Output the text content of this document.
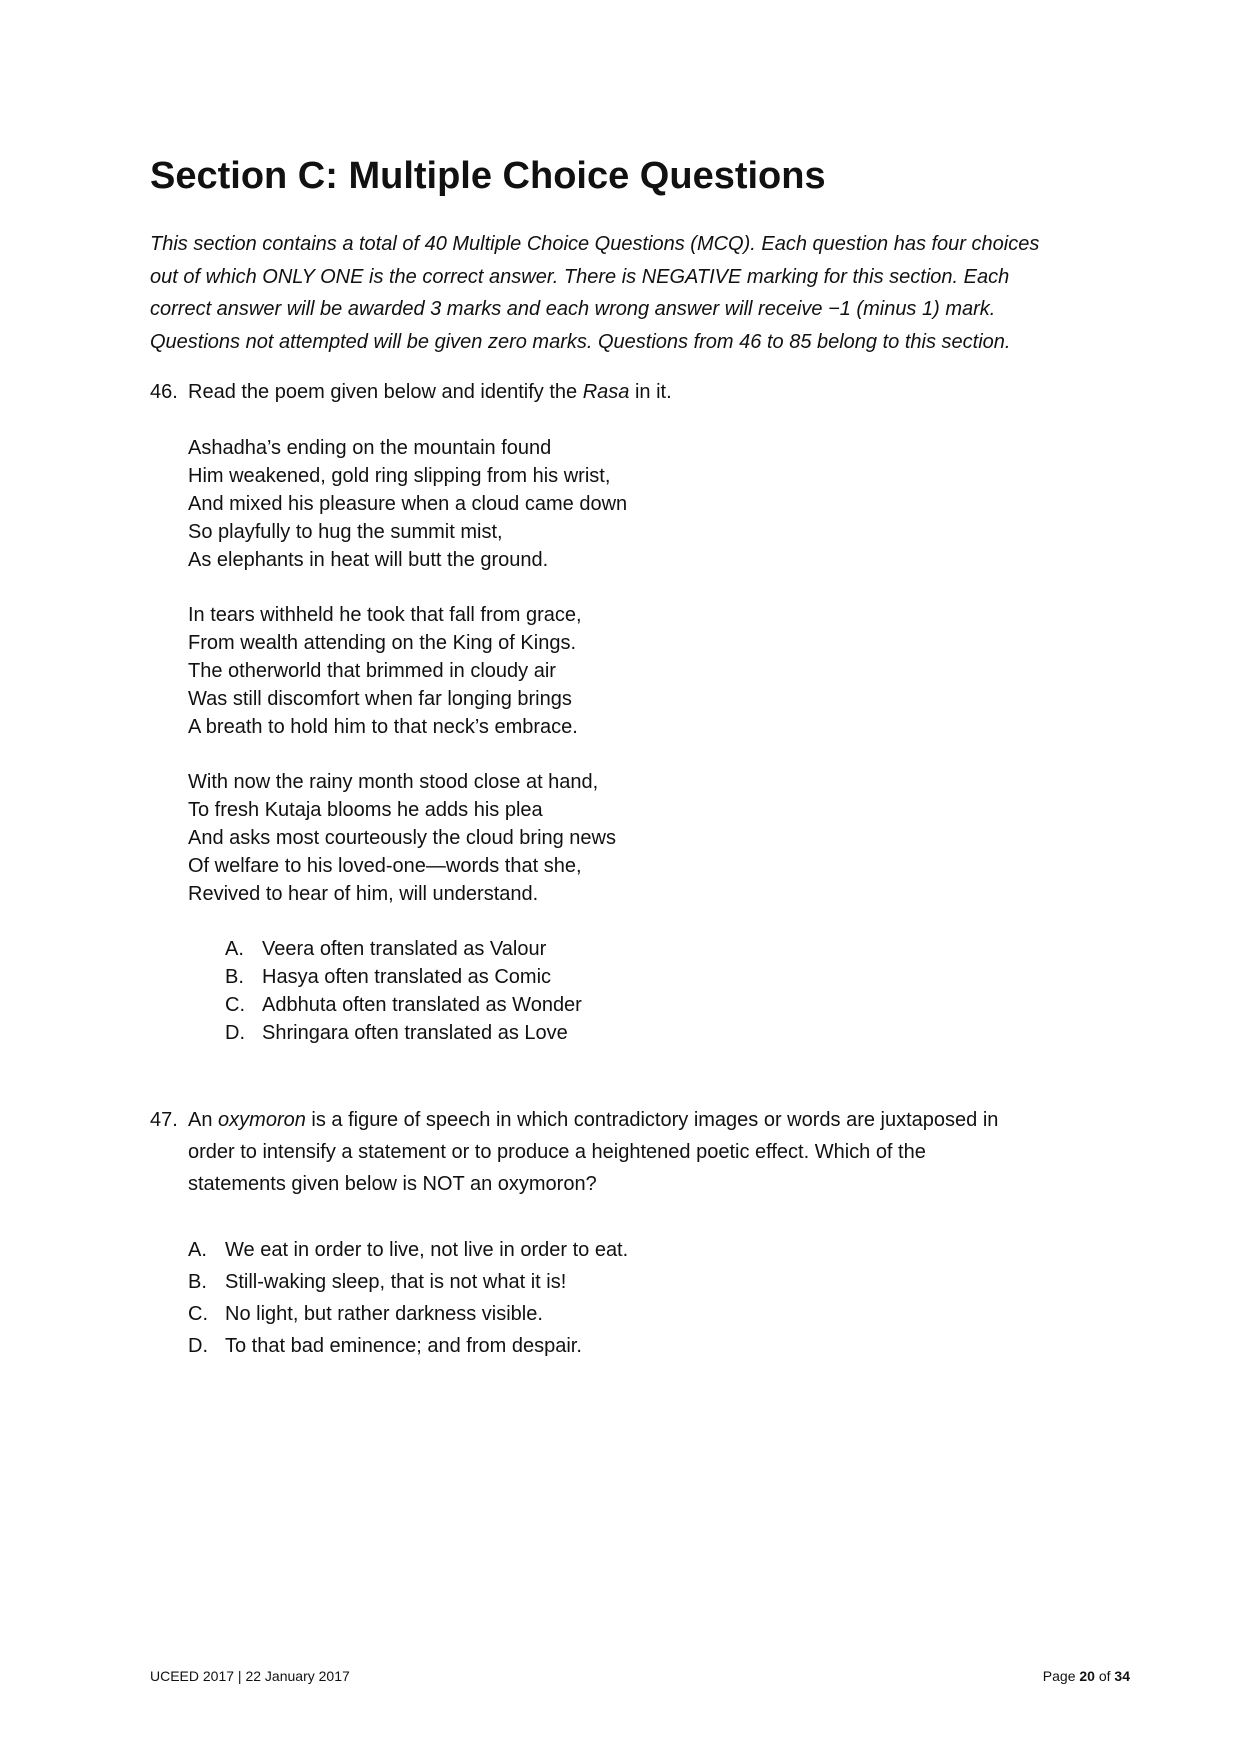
Section C: Multiple Choice Questions
This section contains a total of 40 Multiple Choice Questions (MCQ). Each question has four choices
out of which ONLY ONE is the correct answer. There is NEGATIVE marking for this section. Each
correct answer will be awarded 3 marks and each wrong answer will receive −1 (minus 1) mark.
Questions not attempted will be given zero marks. Questions from 46 to 85 belong to this section.
46. Read the poem given below and identify the Rasa in it.
Ashadha’s ending on the mountain found
Him weakened, gold ring slipping from his wrist,
And mixed his pleasure when a cloud came down
So playfully to hug the summit mist,
As elephants in heat will butt the ground.
In tears withheld he took that fall from grace,
From wealth attending on the King of Kings.
The otherworld that brimmed in cloudy air
Was still discomfort when far longing brings
A breath to hold him to that neck’s embrace.
With now the rainy month stood close at hand,
To fresh Kutaja blooms he adds his plea
And asks most courteously the cloud bring news
Of welfare to his loved-one—words that she,
Revived to hear of him, will understand.
A. Veera often translated as Valour
B. Hasya often translated as Comic
C. Adbhuta often translated as Wonder
D. Shringara often translated as Love
47. An oxymoron is a figure of speech in which contradictory images or words are juxtaposed in
order to intensify a statement or to produce a heightened poetic effect. Which of the
statements given below is NOT an oxymoron?
A. We eat in order to live, not live in order to eat.
B. Still-waking sleep, that is not what it is!
C. No light, but rather darkness visible.
D. To that bad eminence; and from despair.
UCEED 2017 | 22 January 2017	Page 20 of 34
